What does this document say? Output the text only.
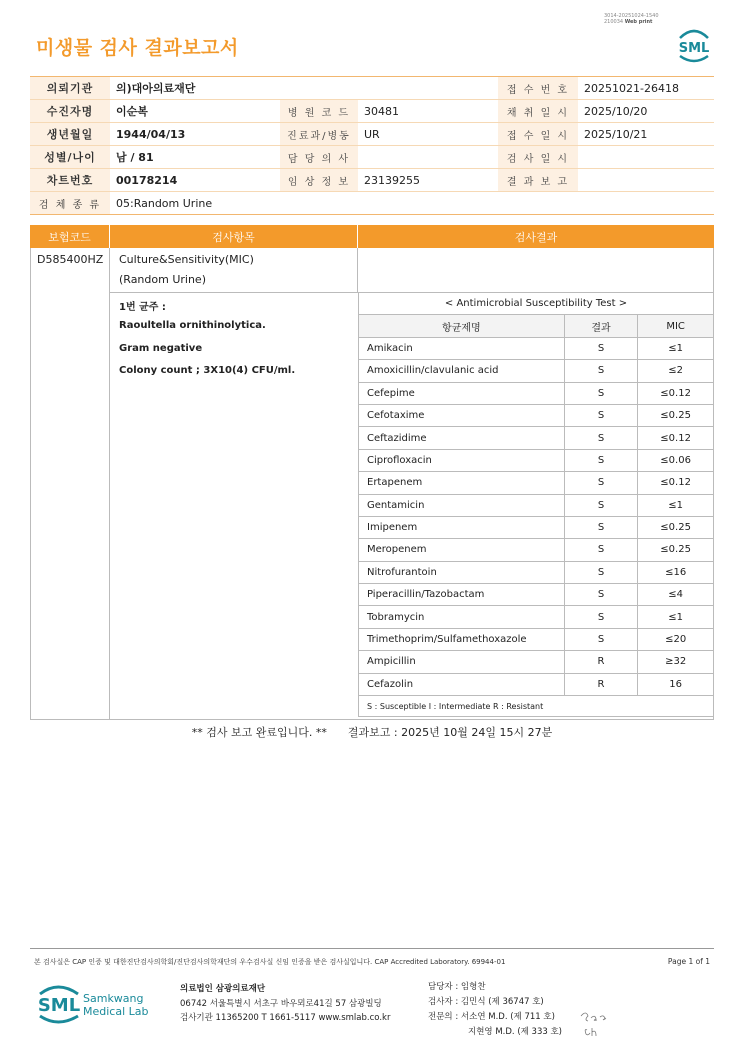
3014-20251024-1540
210034 Web print
미생물 검사 결과보고서	SML
의뢰기관	의)대아의료재단			접 수 번 호	20251021-26418
수진자명	이순복	병 원 코 드	30481	채 취 일 시	2025/10/20
생년월일	1944/04/13	진료과/병동	UR	접 수 일 시	2025/10/21
성별/나이	남 / 81	담 당 의 사		검 사 일 시	
차트번호	00178214	임 상 정 보	23139255	결 과 보 고	
검 체 종 류	05:Random Urine				
보험코드	검사항목	검사결과
D585400HZ Culture&Sensitivity(MIC)
(Random Urine)
1번 균주 :
Raoultella ornithinolytica.
Gram negative
Colony count ; 3X10(4) CFU/ml.
< Antimicrobial Susceptibility Test >		
항균제명	결과	MIC
Amikacin	S	≤1
Amoxicillin/clavulanic acid	S	≤2
Cefepime	S	≤0.12
Cefotaxime	S	≤0.25
Ceftazidime	S	≤0.12
Ciprofloxacin	S	≤0.06
Ertapenem	S	≤0.12
Gentamicin	S	≤1
Imipenem	S	≤0.25
Meropenem	S	≤0.25
Nitrofurantoin	S	≤16
Piperacillin/Tazobactam	S	≤4
Tobramycin	S	≤1
Trimethoprim/Sulfamethoxazole	S	≤20
Ampicillin	R	≥32
Cefazolin	R	16
S : Susceptible I : Intermediate R : Resistant		
** 검사 보고 완료입니다. ** 결과보고 : 2025년 10월 24일 15시 27분
본 검사실은 CAP 인증 및 대한진단검사의학회/진단검사의학재단의 우수검사실 신임 인증을 받은 검사실입니다. CAP Accredited Laboratory. 69944-01	Page 1 of 1
SML Samkwang
Medical Lab
의료법인 삼광의료재단
06742 서울특별시 서초구 바우뫼로41길 57 삼광빌딩
검사기관 11365200 T 1661-5117 www.smlab.co.kr
담당자 : 임형찬
검사자 : 김민식 (제 36747 호)
전문의 : 서소연 M.D. (제 711 호)
지현영 M.D. (제 333 호)
